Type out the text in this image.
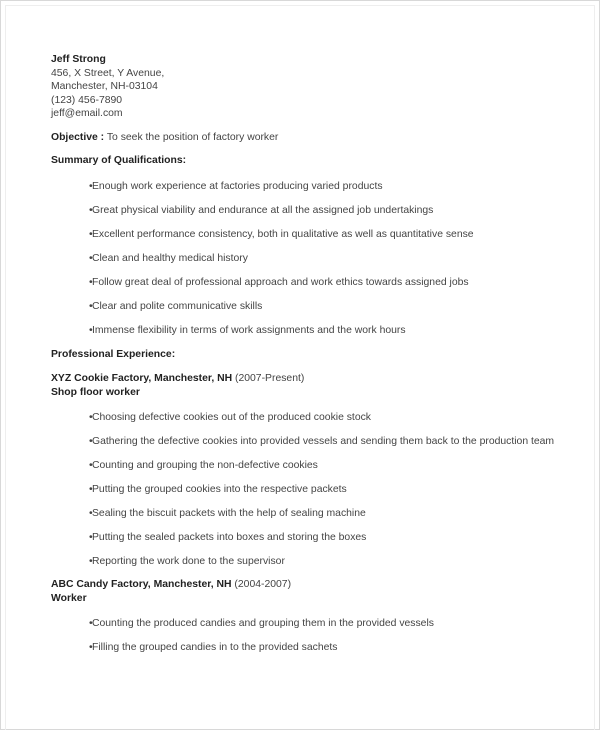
Jeff Strong
456, X Street, Y Avenue,
Manchester, NH-03104
(123) 456-7890
jeff@email.com
Objective : To seek the position of factory worker
Summary of Qualifications:
•Enough work experience at factories producing varied products
•Great physical viability and endurance at all the assigned job undertakings
•Excellent performance consistency, both in qualitative as well as quantitative sense
•Clean and healthy medical history
•Follow great deal of professional approach and work ethics towards assigned jobs
•Clear and polite communicative skills
•Immense flexibility in terms of work assignments and the work hours
Professional Experience:
XYZ Cookie Factory, Manchester, NH (2007-Present)
Shop floor worker
•Choosing defective cookies out of the produced cookie stock
•Gathering the defective cookies into provided vessels and sending them back to the production team
•Counting and grouping the non-defective cookies
•Putting the grouped cookies into the respective packets
•Sealing the biscuit packets with the help of sealing machine
•Putting the sealed packets into boxes and storing the boxes
•Reporting the work done to the supervisor
ABC Candy Factory, Manchester, NH (2004-2007)
Worker
•Counting the produced candies and grouping them in the provided vessels
•Filling the grouped candies in to the provided sachets
